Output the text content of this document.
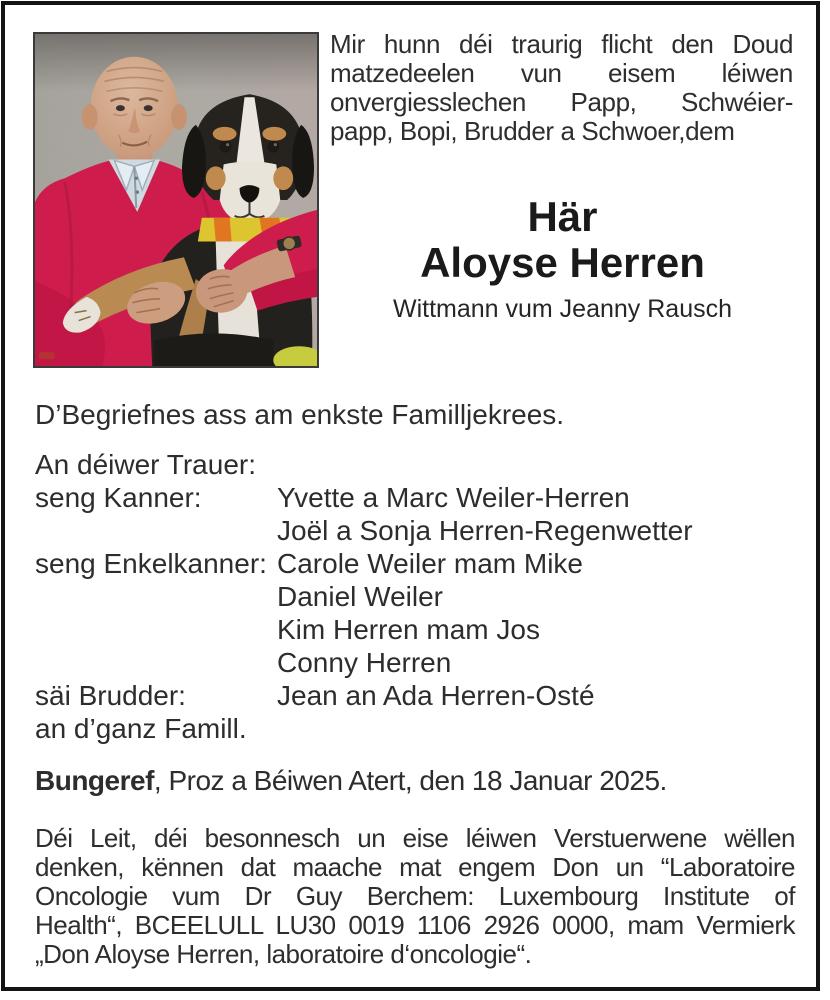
Mir hunn déi traurig flicht den Doud
matzedeelen vun eisem léiwen
onvergiesslechen Papp, Schwéier-
papp, Bopi, Brudder a Schwoer,dem
Här
Aloyse Herren
Wittmann vum Jeanny Rausch
D’Begriefnes ass am enkste Familljekrees.
An déiwer Trauer:
seng Kanner:	Yvette a Marc Weiler-Herren
Joël a Sonja Herren-Regenwetter
seng Enkelkanner: Carole Weiler mam Mike
Daniel Weiler
Kim Herren mam Jos
Conny Herren
säi Brudder:	Jean an Ada Herren-Osté
an d’ganz Famill.
Bungeref, Proz a Béiwen Atert, den 18 Januar 2025.
Déi Leit, déi besonnesch un eise léiwen Verstuerwene wëllen
denken, kënnen dat maache mat engem Don un “Laboratoire
Oncologie vum Dr Guy Berchem: Luxembourg Institute of
Health“, BCEELULL LU30 0019 1106 2926 0000, mam Vermierk
„Don Aloyse Herren, laboratoire d‘oncologie“.
